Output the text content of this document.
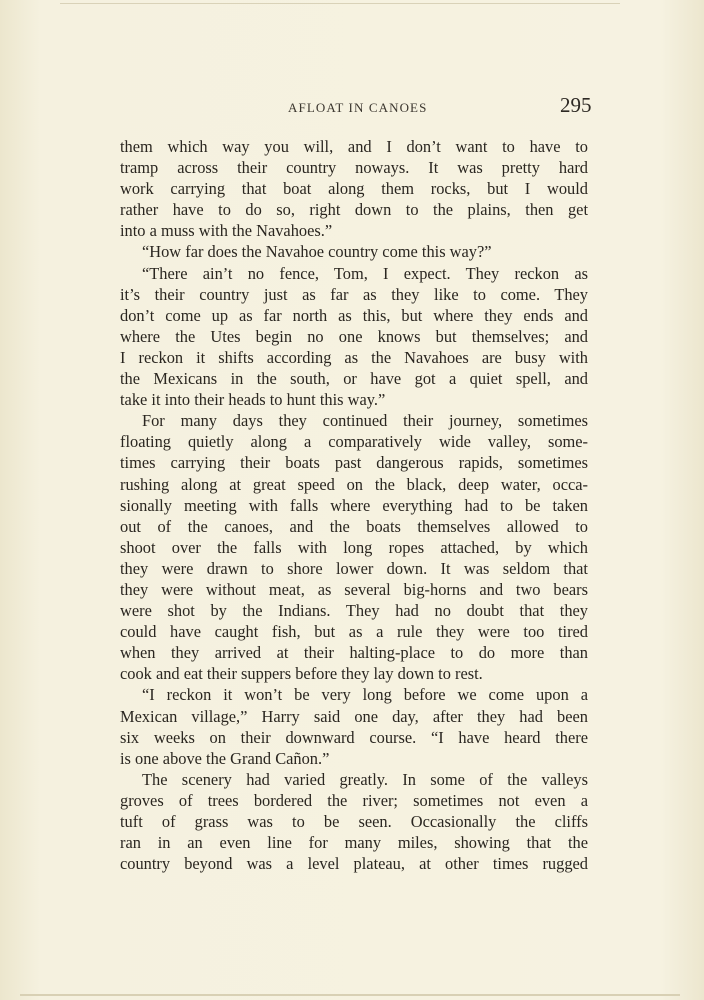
AFLOAT IN CANOES	295
them which way you will, and I don’t want to have to
tramp across their country noways. It was pretty hard
work carrying that boat along them rocks, but I would
rather have to do so, right down to the plains, then get
into a muss with the Navahoes.”
“How far does the Navahoe country come this way?”
“There ain’t no fence, Tom, I expect. They reckon as
it’s their country just as far as they like to come. They
don’t come up as far north as this, but where they ends and
where the Utes begin no one knows but themselves; and
I reckon it shifts according as the Navahoes are busy with
the Mexicans in the south, or have got a quiet spell, and
take it into their heads to hunt this way.”
For many days they continued their journey, sometimes
floating quietly along a comparatively wide valley, some-
times carrying their boats past dangerous rapids, sometimes
rushing along at great speed on the black, deep water, occa-
sionally meeting with falls where everything had to be taken
out of the canoes, and the boats themselves allowed to
shoot over the falls with long ropes attached, by which
they were drawn to shore lower down. It was seldom that
they were without meat, as several big-horns and two bears
were shot by the Indians. They had no doubt that they
could have caught fish, but as a rule they were too tired
when they arrived at their halting-place to do more than
cook and eat their suppers before they lay down to rest.
“I reckon it won’t be very long before we come upon a
Mexican village,” Harry said one day, after they had been
six weeks on their downward course. “I have heard there
is one above the Grand Cañon.”
The scenery had varied greatly. In some of the valleys
groves of trees bordered the river; sometimes not even a
tuft of grass was to be seen. Occasionally the cliffs
ran in an even line for many miles, showing that the
country beyond was a level plateau, at other times rugged
